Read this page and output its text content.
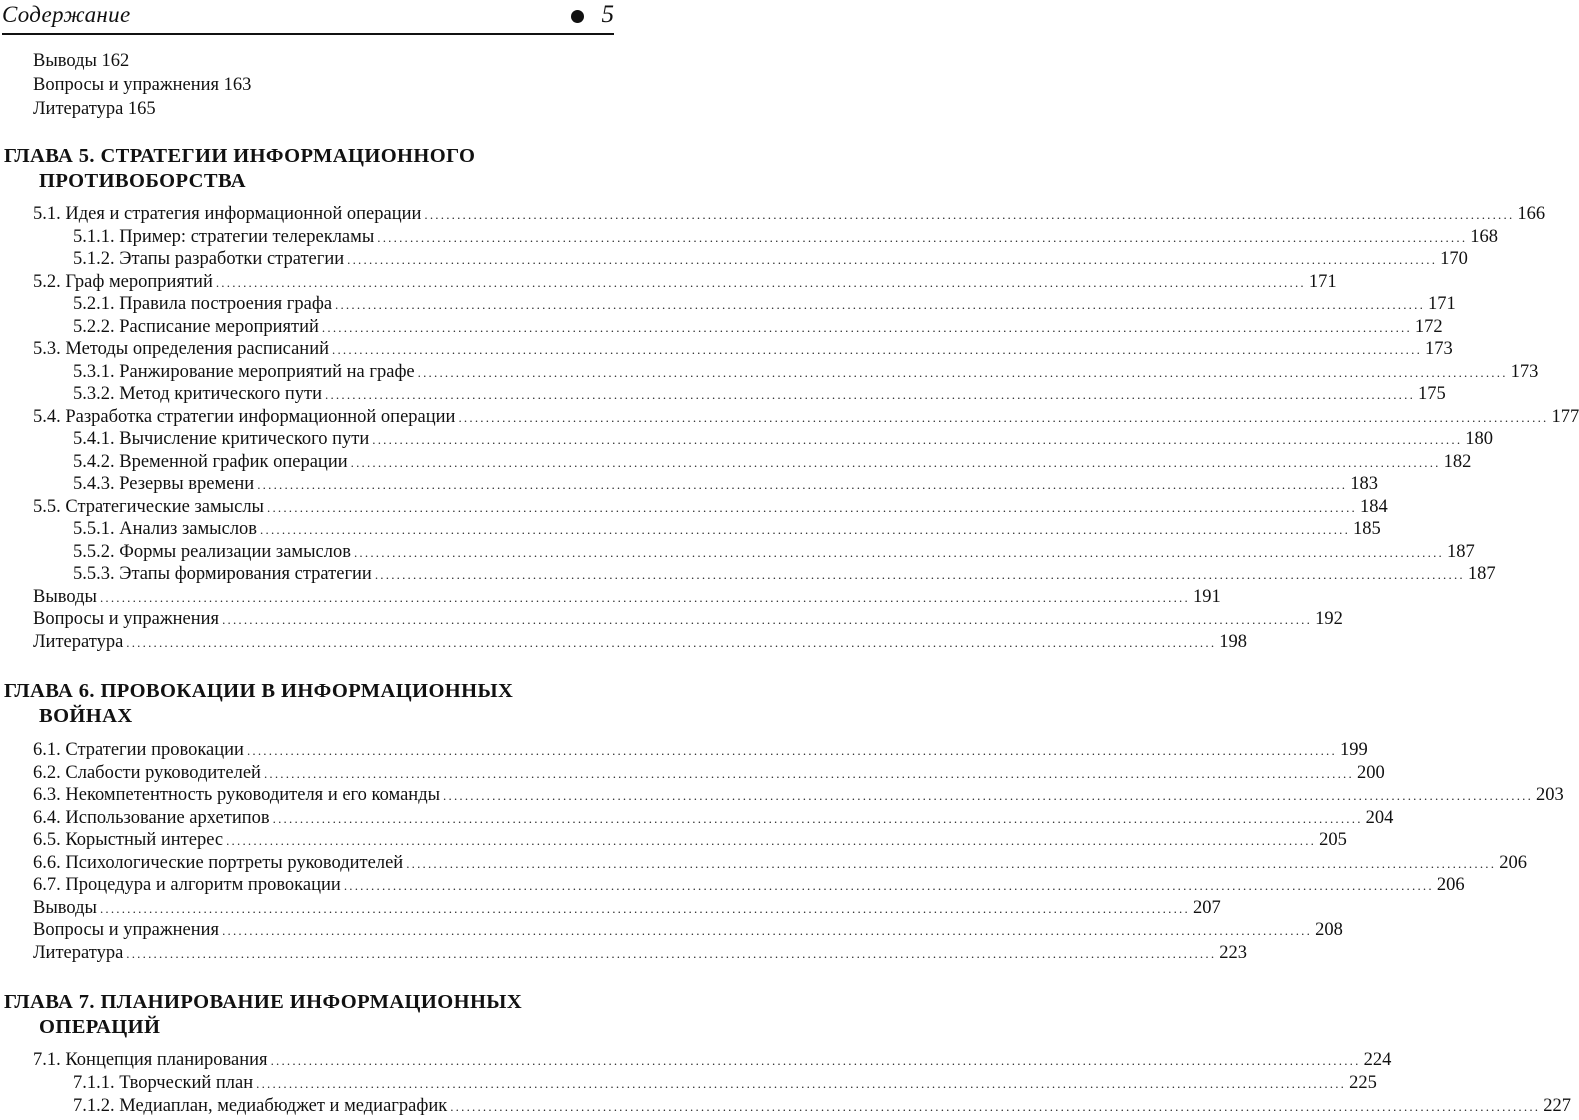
Содержание	5
Выводы 162
Вопросы и упражнения 163
Литература 165
ГЛАВА 5. СТРАТЕГИИ ИНФОРМАЦИОННОГО
ПРОТИВОБОРСТВА
5.1. Идея и стратегия информационной операции ........................................................................................................................................................................................................ 166
5.1.1. Пример: стратегии телерекламы ........................................................................................................................................................................................................ 168
5.1.2. Этапы разработки стратегии ........................................................................................................................................................................................................ 170
5.2. Граф мероприятий ........................................................................................................................................................................................................ 171
5.2.1. Правила построения графа ........................................................................................................................................................................................................ 171
5.2.2. Расписание мероприятий ........................................................................................................................................................................................................ 172
5.3. Методы определения расписаний ........................................................................................................................................................................................................ 173
5.3.1. Ранжирование мероприятий на графе ........................................................................................................................................................................................................ 173
5.3.2. Метод критического пути ........................................................................................................................................................................................................ 175
5.4. Разработка стратегии информационной операции ........................................................................................................................................................................................................ 177
5.4.1. Вычисление критического пути ........................................................................................................................................................................................................ 180
5.4.2. Временной график операции ........................................................................................................................................................................................................ 182
5.4.3. Резервы времени ........................................................................................................................................................................................................ 183
5.5. Стратегические замыслы ........................................................................................................................................................................................................ 184
5.5.1. Анализ замыслов ........................................................................................................................................................................................................ 185
5.5.2. Формы реализации замыслов ........................................................................................................................................................................................................ 187
5.5.3. Этапы формирования стратегии ........................................................................................................................................................................................................ 187
Выводы ........................................................................................................................................................................................................ 191
Вопросы и упражнения ........................................................................................................................................................................................................ 192
Литература ........................................................................................................................................................................................................ 198
ГЛАВА 6. ПРОВОКАЦИИ В ИНФОРМАЦИОННЫХ
ВОЙНАХ
6.1. Стратегии провокации ........................................................................................................................................................................................................ 199
6.2. Слабости руководителей ........................................................................................................................................................................................................ 200
6.3. Некомпетентность руководителя и его команды ........................................................................................................................................................................................................ 203
6.4. Использование архетипов ........................................................................................................................................................................................................ 204
6.5. Корыстный интерес ........................................................................................................................................................................................................ 205
6.6. Психологические портреты руководителей ........................................................................................................................................................................................................ 206
6.7. Процедура и алгоритм провокации ........................................................................................................................................................................................................ 206
Выводы ........................................................................................................................................................................................................ 207
Вопросы и упражнения ........................................................................................................................................................................................................ 208
Литература ........................................................................................................................................................................................................ 223
ГЛАВА 7. ПЛАНИРОВАНИЕ ИНФОРМАЦИОННЫХ
ОПЕРАЦИЙ
7.1. Концепция планирования ........................................................................................................................................................................................................ 224
7.1.1. Творческий план ........................................................................................................................................................................................................ 225
7.1.2. Медиаплан, медиабюджет и медиаграфик ........................................................................................................................................................................................................ 227
